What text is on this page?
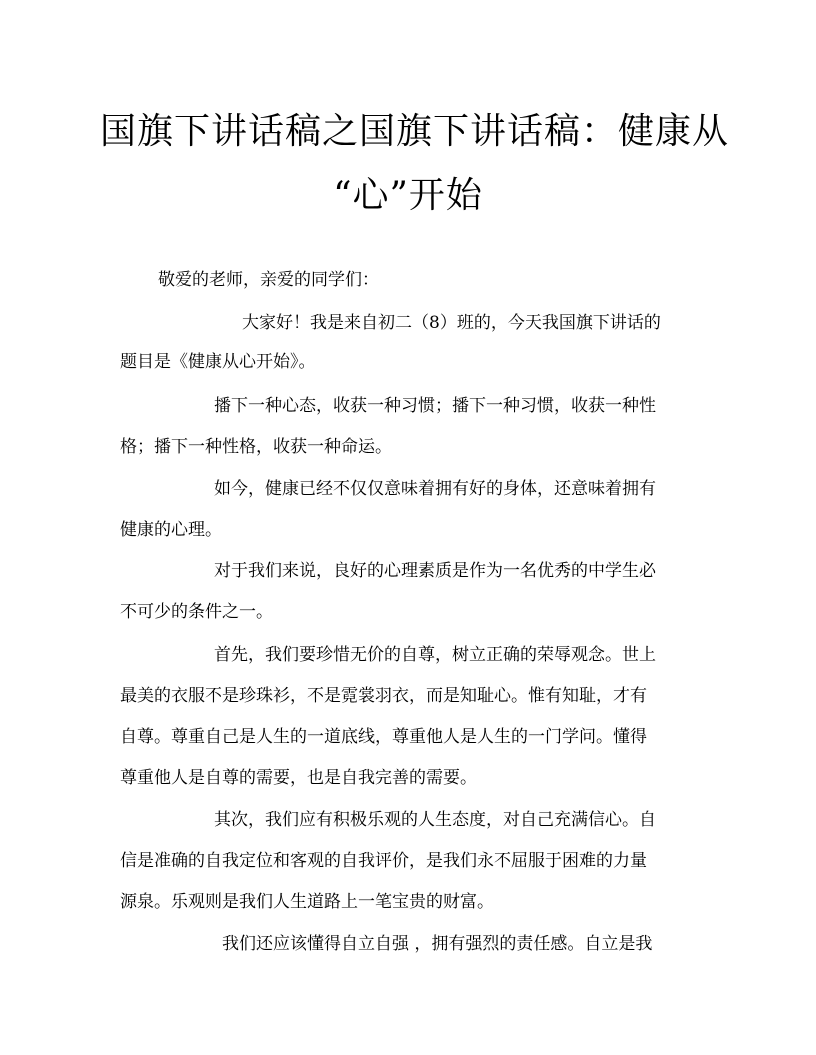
国旗下讲话稿之国旗下讲话稿：健康从
“心”开始
敬爱的老师，亲爱的同学们：
大家好！我是来自初二（8）班的，今天我国旗下讲话的
题目是《健康从心开始》。
播下一种心态，收获一种习惯；播下一种习惯，收获一种性
格；播下一种性格，收获一种命运。
如今，健康已经不仅仅意味着拥有好的身体，还意味着拥有
健康的心理。
对于我们来说，良好的心理素质是作为一名优秀的中学生必
不可少的条件之一。
首先，我们要珍惜无价的自尊，树立正确的荣辱观念。世上
最美的衣服不是珍珠衫，不是霓裳羽衣，而是知耻心。惟有知耻，才有
自尊。尊重自己是人生的一道底线，尊重他人是人生的一门学问。懂得
尊重他人是自尊的需要，也是自我完善的需要。
其次，我们应有积极乐观的人生态度，对自己充满信心。自
信是准确的自我定位和客观的自我评价，是我们永不屈服于困难的力量
源泉。乐观则是我们人生道路上一笔宝贵的财富。
我们还应该懂得自立自强 ，拥有强烈的责任感。自立是我
